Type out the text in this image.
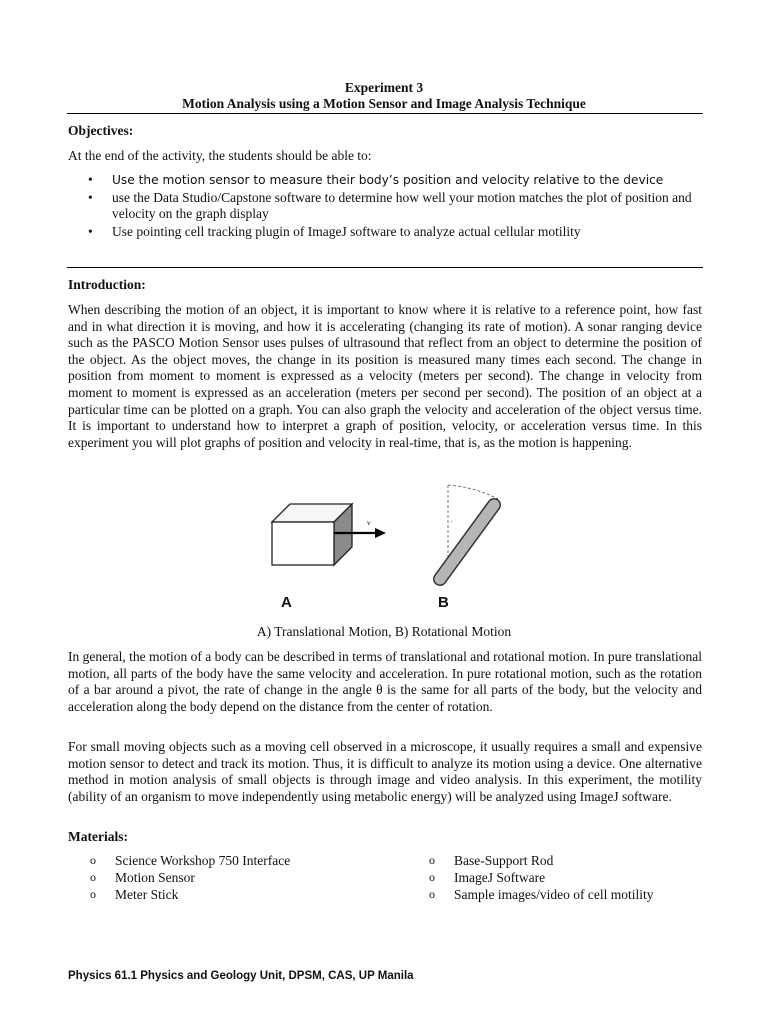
Experiment 3
Motion Analysis using a Motion Sensor and Image Analysis Technique
Objectives:
At the end of the activity, the students should be able to:
• Use the motion sensor to measure their body’s position and velocity relative to the device
• use the Data Studio/Capstone software to determine how well your motion matches the plot of position and velocity on the graph display
• Use pointing cell tracking plugin of ImageJ software to analyze actual cellular motility
Introduction:

When describing the motion of an object, it is important to know where it is relative to a reference point, how fast and in what direction it is moving, and how it is accelerating (changing its rate of motion). A sonar ranging device such as the PASCO Motion Sensor uses pulses of ultrasound that reflect from an object to determine the position of the object. As the object moves, the change in its position is measured many times each second. The change in position from moment to moment is expressed as a velocity (meters per second). The change in velocity from moment to moment is expressed as an acceleration (meters per second per second). The position of an object at a particular time can be plotted on a graph. You can also graph the velocity and acceleration of the object versus time. It is important to understand how to interpret a graph of position, velocity, or acceleration versus time. In this experiment you will plot graphs of position and velocity in real-time, that is, as the motion is happening.

v	'
A	B
A) Translational Motion, B) Rotational Motion

In general, the motion of a body can be described in terms of translational and rotational motion. In pure translational motion, all parts of the body have the same velocity and acceleration. In pure rotational motion, such as the rotation of a bar around a pivot, the rate of change in the angle θ is the same for all parts of the body, but the velocity and acceleration along the body depend on the distance from the center of rotation.

For small moving objects such as a moving cell observed in a microscope, it usually requires a small and expensive motion sensor to detect and track its motion. Thus, it is difficult to analyze its motion using a device. One alternative method in motion analysis of small objects is through image and video analysis. In this experiment, the motility (ability of an organism to move independently using metabolic energy) will be analyzed using ImageJ software.

Materials:
o Science Workshop 750 Interface
o Motion Sensor
o Meter Stick
o Base-Support Rod
o ImageJ Software
o Sample images/video of cell motility
Physics 61.1 Physics and Geology Unit, DPSM, CAS, UP Manila
